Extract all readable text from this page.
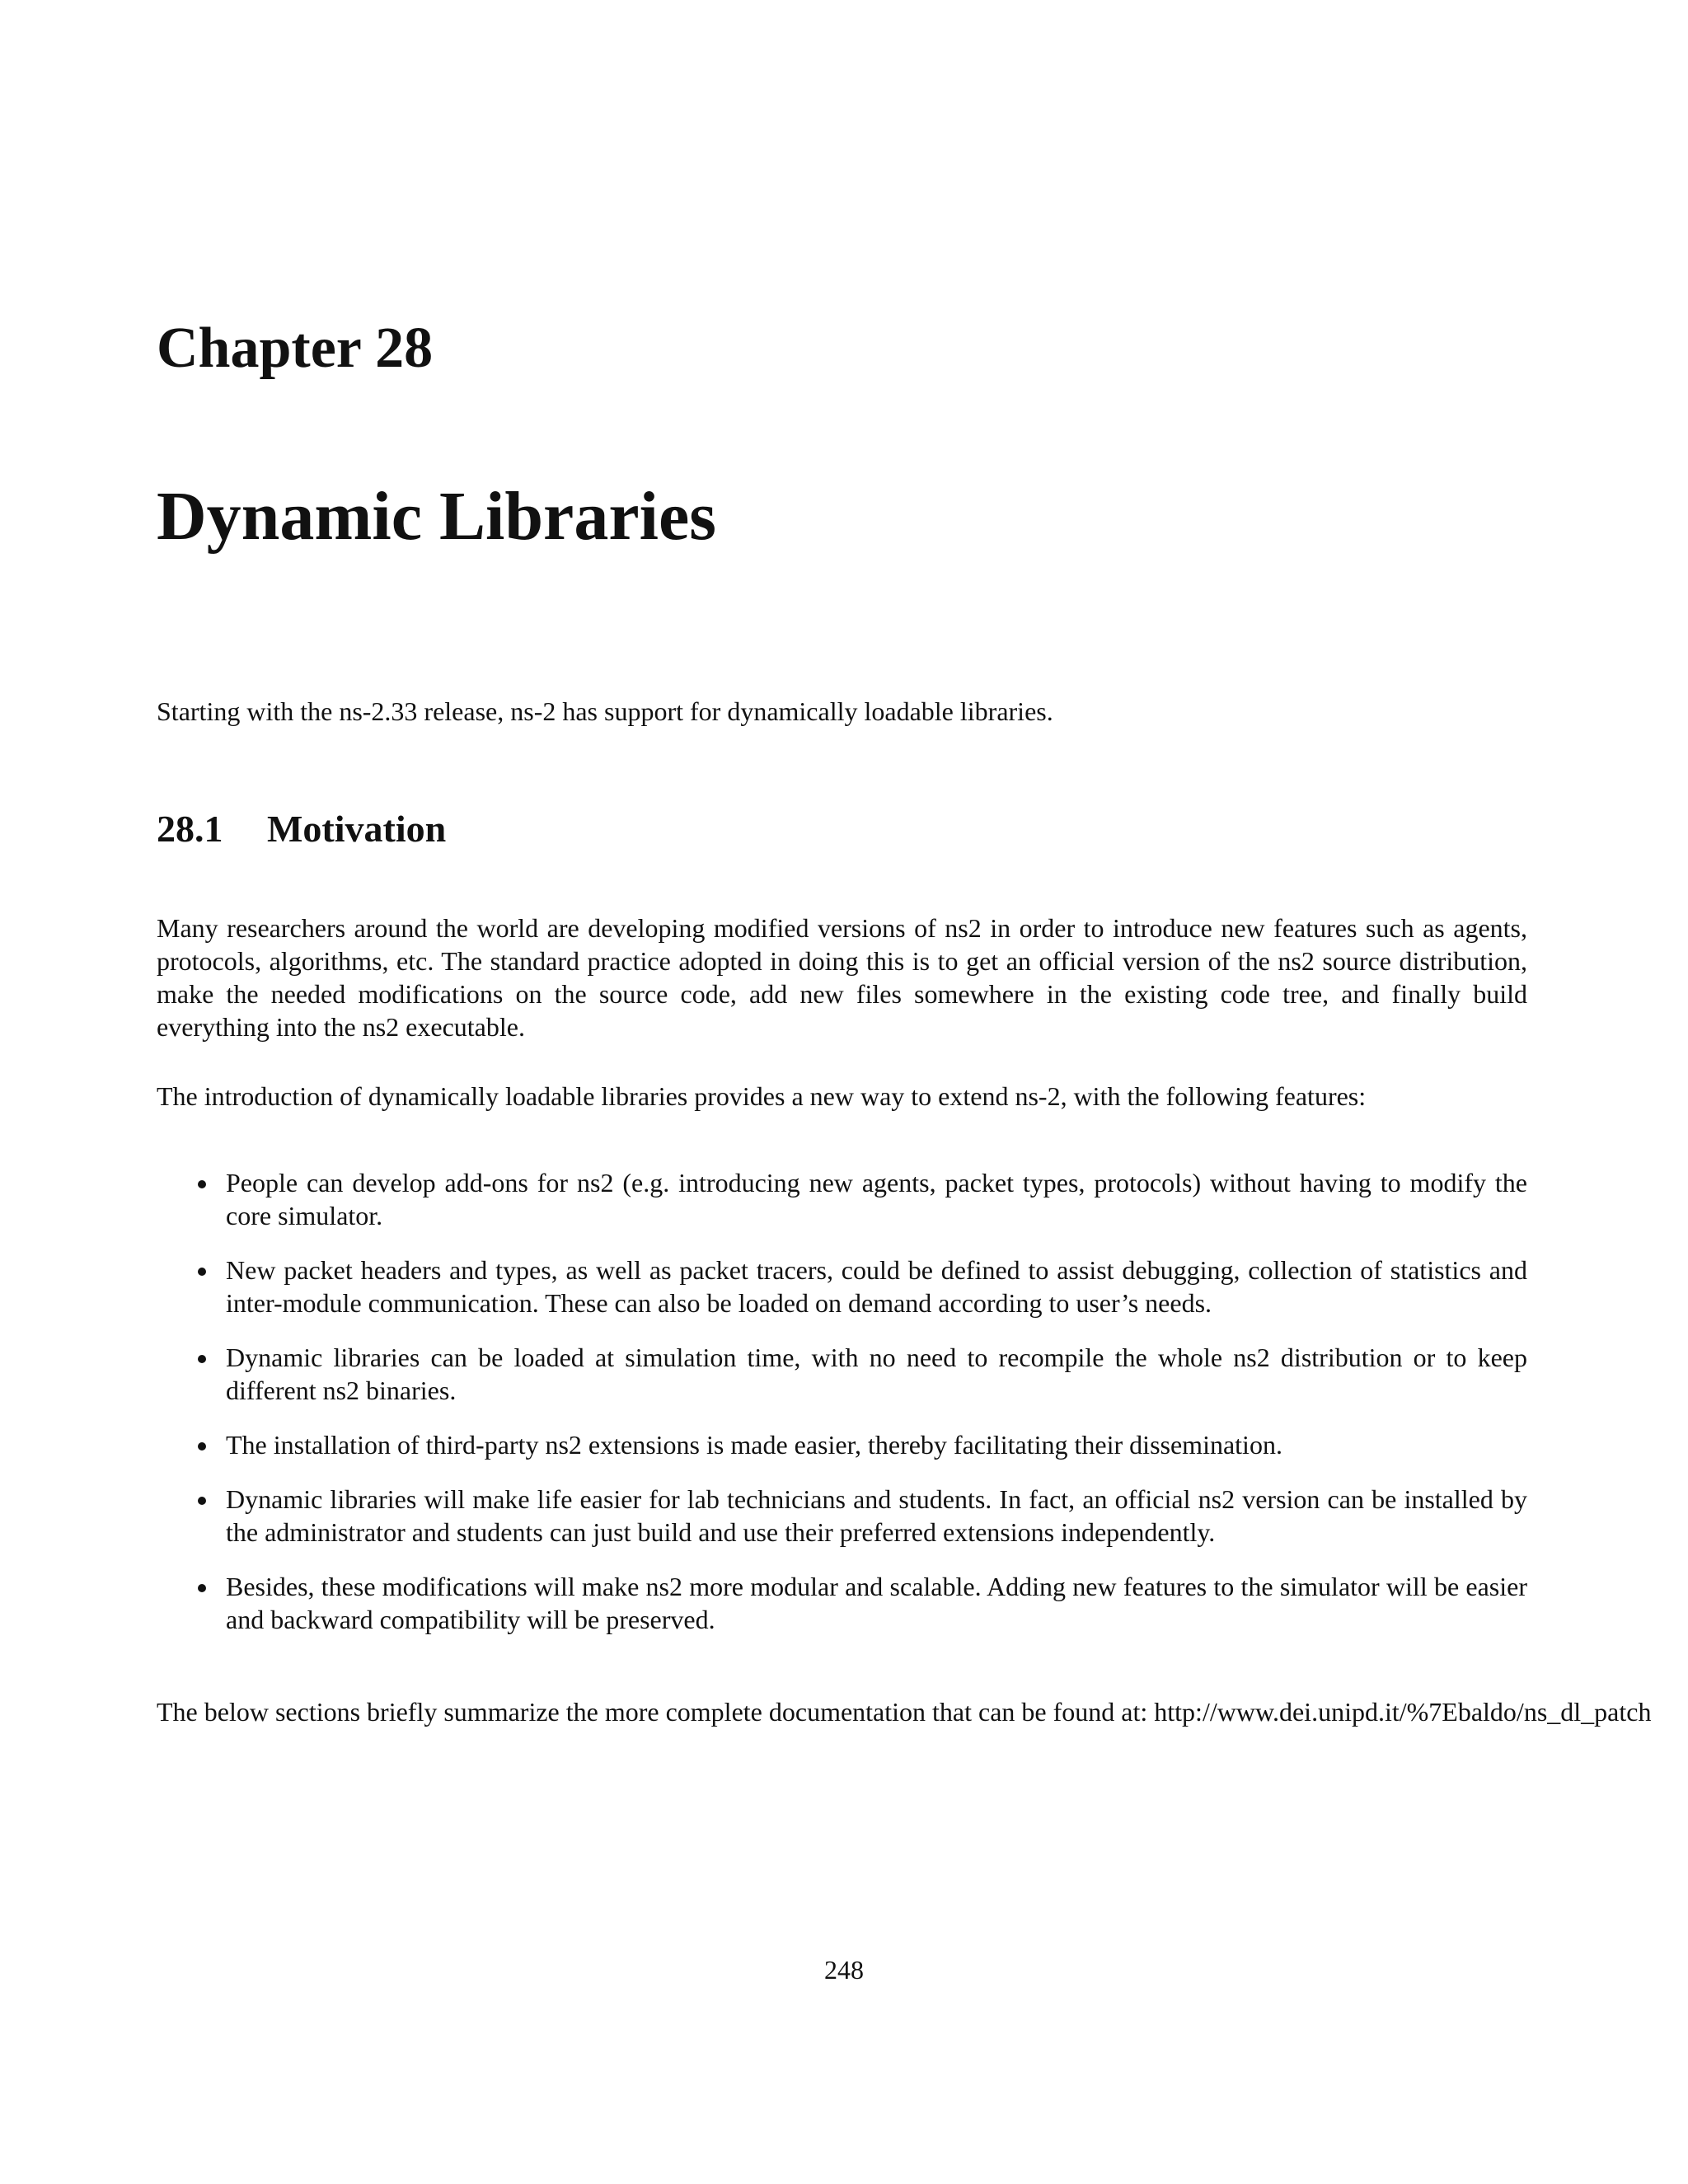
Chapter 28
Dynamic Libraries

Starting with the ns-2.33 release, ns-2 has support for dynamically loadable libraries.

28.1 Motivation

Many researchers around the world are developing modified versions of ns2 in order to introduce new features such as agents, protocols, algorithms, etc. The standard practice adopted in doing this is to get an official version of the ns2 source distribution, make the needed modifications on the source code, add new files somewhere in the existing code tree, and finally build everything into the ns2 executable.

The introduction of dynamically loadable libraries provides a new way to extend ns-2, with the following features:

People can develop add-ons for ns2 (e.g. introducing new agents, packet types, protocols) without having to modify the core simulator.
New packet headers and types, as well as packet tracers, could be defined to assist debugging, collection of statistics and inter-module communication. These can also be loaded on demand according to user’s needs.
Dynamic libraries can be loaded at simulation time, with no need to recompile the whole ns2 distribution or to keep different ns2 binaries.
The installation of third-party ns2 extensions is made easier, thereby facilitating their dissemination.
Dynamic libraries will make life easier for lab technicians and students. In fact, an official ns2 version can be installed by the administrator and students can just build and use their preferred extensions independently.
Besides, these modifications will make ns2 more modular and scalable. Adding new features to the simulator will be easier and backward compatibility will be preserved.

The below sections briefly summarize the more complete documentation that can be found at: http://www.dei.unipd.it/%7Ebaldo/ns_dl_patch

248
